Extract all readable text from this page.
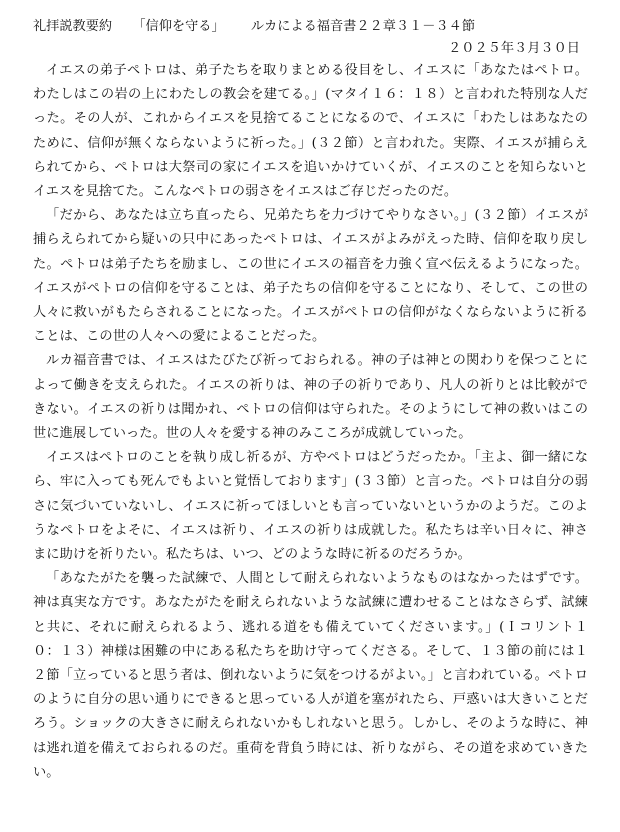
礼拝説教要約 「信仰を守る」 ルカによる福音書２２章３１－３４節
２０２５年３月３０日

イエスの弟子ペトロは、弟子たちを取りまとめる役目をし、イエスに「あなたはペトロ。わたしはこの岩の上にわたしの教会を建てる。」(マタイ１６：１８）と言われた特別な人だった。その人が、これからイエスを見捨てることになるので、イエスに「わたしはあなたのために、信仰が無くならないように祈った。」(３２節）と言われた。実際、イエスが捕らえられてから、ペトロは大祭司の家にイエスを追いかけていくが、イエスのことを知らないとイエスを見捨てた。こんなペトロの弱さをイエスはご存じだったのだ。

「だから、あなたは立ち直ったら、兄弟たちを力づけてやりなさい。」(３２節）イエスが捕らえられてから疑いの只中にあったペトロは、イエスがよみがえった時、信仰を取り戻した。ペトロは弟子たちを励まし、この世にイエスの福音を力強く宣べ伝えるようになった。イエスがペトロの信仰を守ることは、弟子たちの信仰を守ることになり、そして、この世の人々に救いがもたらされることになった。イエスがペトロの信仰がなくならないように祈ることは、この世の人々への愛によることだった。

ルカ福音書では、イエスはたびたび祈っておられる。神の子は神との関わりを保つことによって働きを支えられた。イエスの祈りは、神の子の祈りであり、凡人の祈りとは比較ができない。イエスの祈りは聞かれ、ペトロの信仰は守られた。そのようにして神の救いはこの世に進展していった。世の人々を愛する神のみこころが成就していった。

イエスはペトロのことを執り成し祈るが、方やペトロはどうだったか。「主よ、御一緒になら、牢に入っても死んでもよいと覚悟しております」(３３節）と言った。ペトロは自分の弱さに気づいていないし、イエスに祈ってほしいとも言っていないというかのようだ。このようなペトロをよそに、イエスは祈り、イエスの祈りは成就した。私たちは辛い日々に、神さまに助けを祈りたい。私たちは、いつ、どのような時に祈るのだろうか。

「あなたがたを襲った試練で、人間として耐えられないようなものはなかったはずです。神は真実な方です。あなたがたを耐えられないような試練に遭わせることはなさらず、試練と共に、それに耐えられるよう、逃れる道をも備えていてくださいます。」(Ｉコリント１０：１３）神様は困難の中にある私たちを助け守ってくださる。そして、１３節の前には１２節「立っていると思う者は、倒れないように気をつけるがよい。」と言われている。ペトロのように自分の思い通りにできると思っている人が道を塞がれたら、戸惑いは大きいことだろう。ショックの大きさに耐えられないかもしれないと思う。しかし、そのような時に、神は逃れ道を備えておられるのだ。重荷を背負う時には、祈りながら、その道を求めていきたい。
